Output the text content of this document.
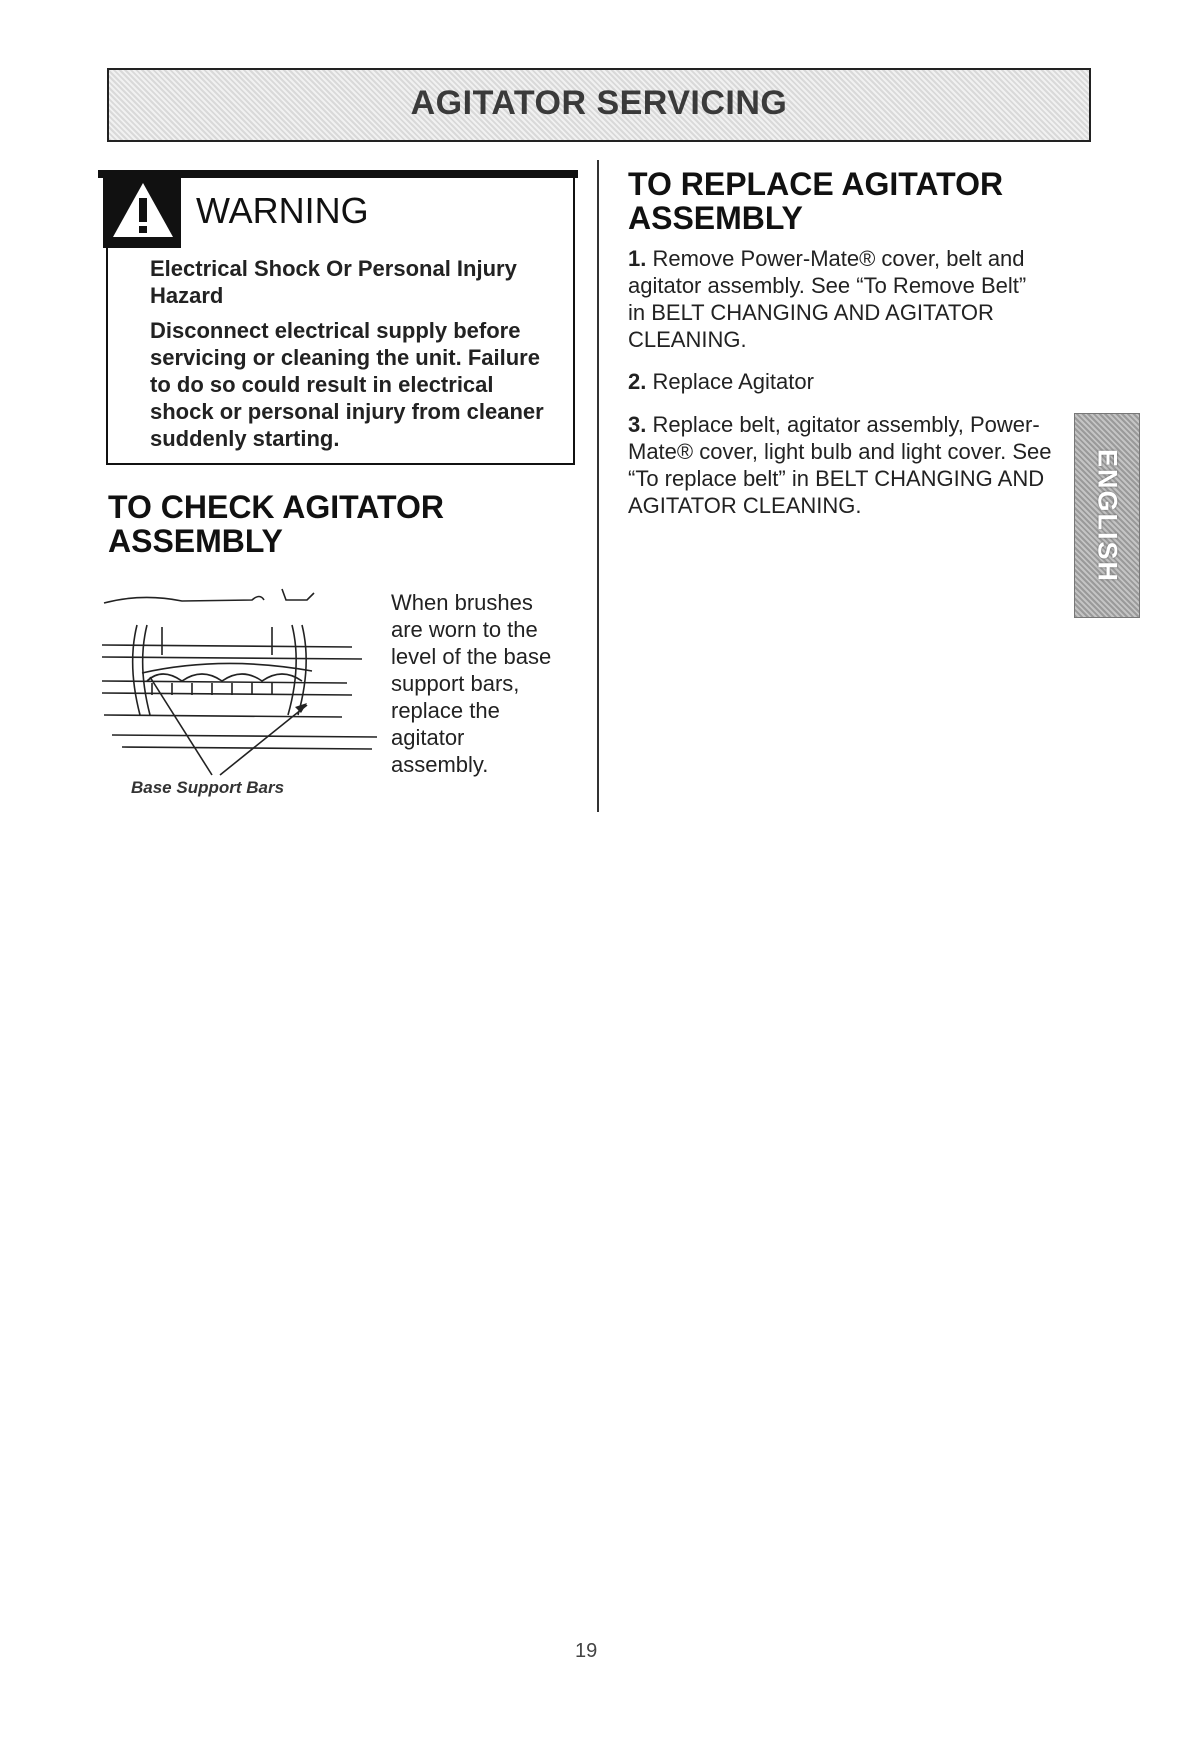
AGITATOR SERVICING
WARNING

Electrical Shock Or Personal Injury Hazard

Disconnect electrical supply before servicing or cleaning the unit. Failure to do so could result in electrical shock or personal injury from cleaner suddenly starting.

TO CHECK AGITATOR ASSEMBLY
Base Support Bars

When brushes are worn to the level of the base support bars, replace the agitator assembly.

TO REPLACE AGITATOR ASSEMBLY

1. Remove Power-Mate® cover, belt and agitator assembly. See “To Remove Belt” in BELT CHANGING AND AGITATOR CLEANING.

2. Replace Agitator

3. Replace belt, agitator assembly, Power-Mate® cover, light bulb and light cover. See “To replace belt” in BELT CHANGING AND AGITATOR CLEANING.	ENGLISH
19
